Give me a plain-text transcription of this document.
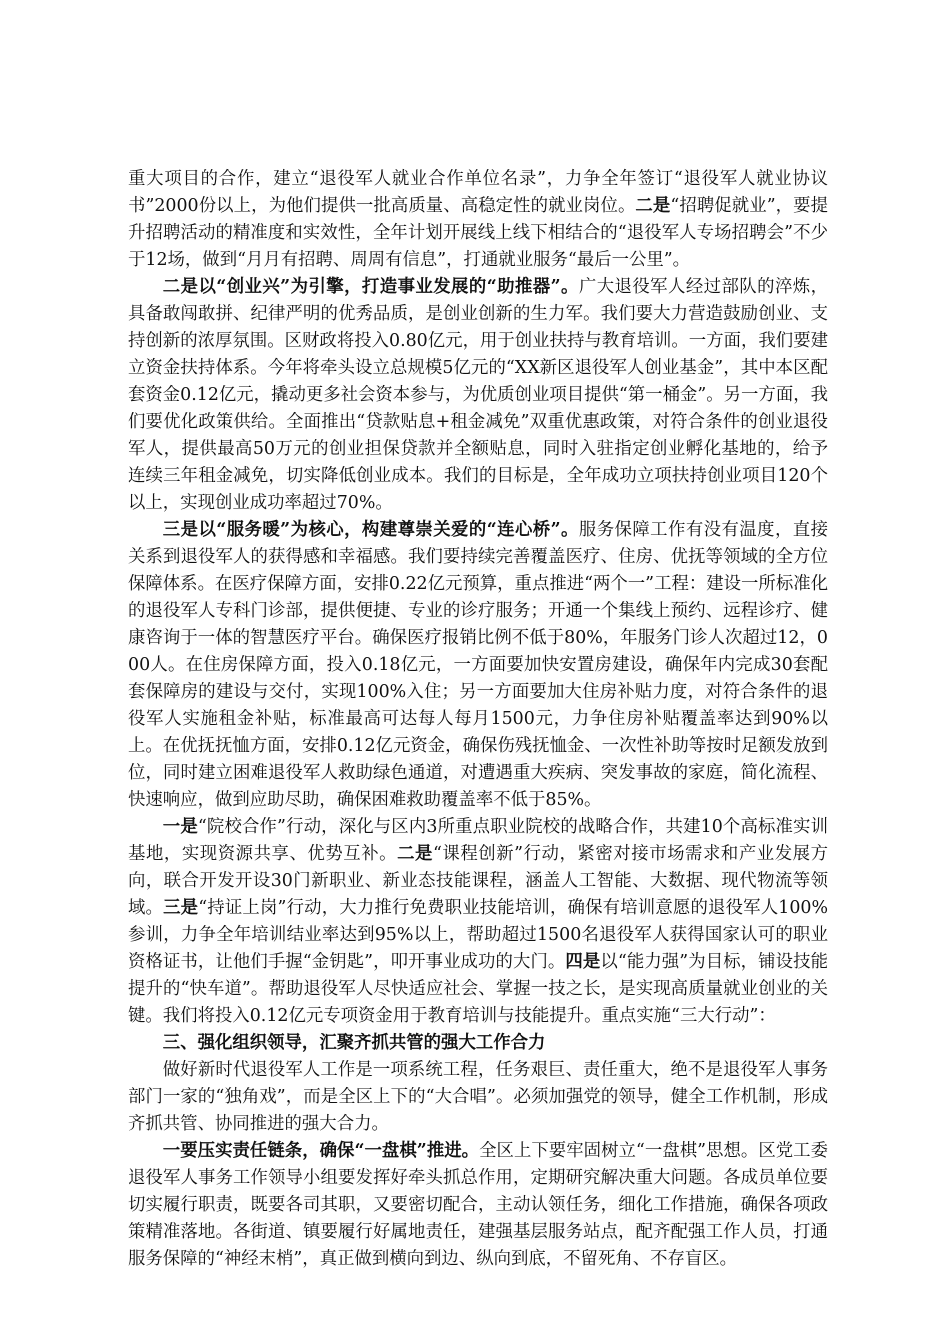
重大项目的合作，建立“退役军人就业合作单位名录”，力争全年签订“退役军人就业协议书”2000份以上，为他们提供一批高质量、高稳定性的就业岗位。二是“招聘促就业”，要提升招聘活动的精准度和实效性，全年计划开展线上线下相结合的“退役军人专场招聘会”不少于12场，做到“月月有招聘、周周有信息”，打通就业服务“最后一公里”。

二是以“创业兴”为引擎，打造事业发展的“助推器”。广大退役军人经过部队的淬炼，具备敢闯敢拼、纪律严明的优秀品质，是创业创新的生力军。我们要大力营造鼓励创业、支持创新的浓厚氛围。区财政将投入0.80亿元，用于创业扶持与教育培训。一方面，我们要建立资金扶持体系。今年将牵头设立总规模5亿元的“XX新区退役军人创业基金”，其中本区配套资金0.12亿元，撬动更多社会资本参与，为优质创业项目提供“第一桶金”。另一方面，我们要优化政策供给。全面推出“贷款贴息+租金减免”双重优惠政策，对符合条件的创业退役军人，提供最高50万元的创业担保贷款并全额贴息，同时入驻指定创业孵化基地的，给予连续三年租金减免，切实降低创业成本。我们的目标是，全年成功立项扶持创业项目120个以上，实现创业成功率超过70%。

三是以“服务暖”为核心，构建尊崇关爱的“连心桥”。服务保障工作有没有温度，直接关系到退役军人的获得感和幸福感。我们要持续完善覆盖医疗、住房、优抚等领域的全方位保障体系。在医疗保障方面，安排0.22亿元预算，重点推进“两个一”工程：建设一所标准化的退役军人专科门诊部，提供便捷、专业的诊疗服务；开通一个集线上预约、远程诊疗、健康咨询于一体的智慧医疗平台。确保医疗报销比例不低于80%，年服务门诊人次超过12，000人。在住房保障方面，投入0.18亿元，一方面要加快安置房建设，确保年内完成30套配套保障房的建设与交付，实现100%入住；另一方面要加大住房补贴力度，对符合条件的退役军人实施租金补贴，标准最高可达每人每月1500元，力争住房补贴覆盖率达到90%以上。在优抚抚恤方面，安排0.12亿元资金，确保伤残抚恤金、一次性补助等按时足额发放到位，同时建立困难退役军人救助绿色通道，对遭遇重大疾病、突发事故的家庭，简化流程、快速响应，做到应助尽助，确保困难救助覆盖率不低于85%。

一是“院校合作”行动，深化与区内3所重点职业院校的战略合作，共建10个高标准实训基地，实现资源共享、优势互补。二是“课程创新”行动，紧密对接市场需求和产业发展方向，联合开发开设30门新职业、新业态技能课程，涵盖人工智能、大数据、现代物流等领域。三是“持证上岗”行动，大力推行免费职业技能培训，确保有培训意愿的退役军人100%参训，力争全年培训结业率达到95%以上，帮助超过1500名退役军人获得国家认可的职业资格证书，让他们手握“金钥匙”，叩开事业成功的大门。四是以“能力强”为目标，铺设技能提升的“快车道”。帮助退役军人尽快适应社会、掌握一技之长，是实现高质量就业创业的关键。我们将投入0.12亿元专项资金用于教育培训与技能提升。重点实施“三大行动”：

三、强化组织领导，汇聚齐抓共管的强大工作合力

做好新时代退役军人工作是一项系统工程，任务艰巨、责任重大，绝不是退役军人事务部门一家的“独角戏”，而是全区上下的“大合唱”。必须加强党的领导，健全工作机制，形成齐抓共管、协同推进的强大合力。

一要压实责任链条，确保“一盘棋”推进。全区上下要牢固树立“一盘棋”思想。区党工委退役军人事务工作领导小组要发挥好牵头抓总作用，定期研究解决重大问题。各成员单位要切实履行职责，既要各司其职，又要密切配合，主动认领任务，细化工作措施，确保各项政策精准落地。各街道、镇要履行好属地责任，建强基层服务站点，配齐配强工作人员，打通服务保障的“神经末梢”，真正做到横向到边、纵向到底，不留死角、不存盲区。
